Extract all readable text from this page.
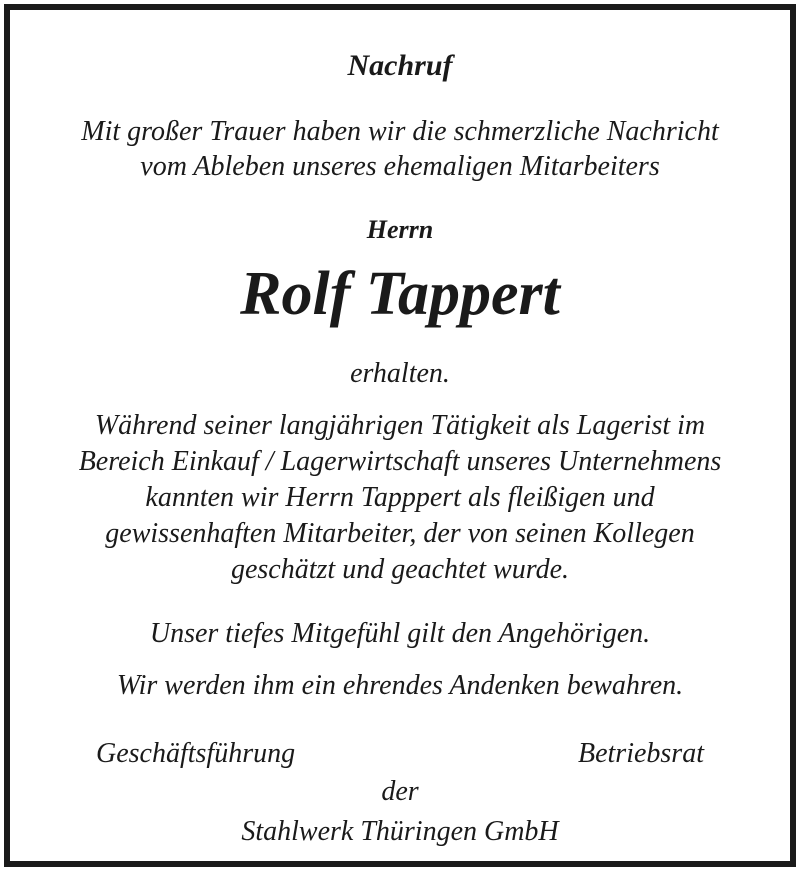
Nachruf
Mit großer Trauer haben wir die schmerzliche Nachricht
vom Ableben unseres ehemaligen Mitarbeiters
Herrn
Rolf Tappert
erhalten.
Während seiner langjährigen Tätigkeit als Lagerist im
Bereich Einkauf / Lagerwirtschaft unseres Unternehmens
kannten wir Herrn Tapppert als fleißigen und
gewissenhaften Mitarbeiter, der von seinen Kollegen
geschätzt und geachtet wurde.
Unser tiefes Mitgefühl gilt den Angehörigen.
Wir werden ihm ein ehrendes Andenken bewahren.
Geschäftsführung	Betriebsrat
der
Stahlwerk Thüringen GmbH
